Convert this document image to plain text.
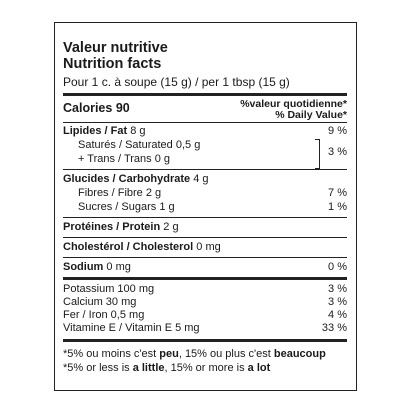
Valeur nutritive
Nutrition facts
Pour 1 c. à soupe (15 g) / per 1 tbsp (15 g)
Calories 90	%valeur quotidienne*
% Daily Value*
Lipides / Fat 8 g	9 %
Saturés / Saturated 0,5 g
+ Trans / Trans 0 g
3 %
Glucides / Carbohydrate 4 g
Fibres / Fibre 2 g	7 %
Sucres / Sugars 1 g	1 %
Protéines / Protein 2 g
Cholestérol / Cholesterol 0 mg
Sodium 0 mg	0 %
Potassium 100 mg	3 %
Calcium 30 mg	3 %
Fer / Iron 0,5 mg	4 %
Vitamine E / Vitamin E 5 mg	33 %
*5% ou moins c'est peu, 15% ou plus c'est beaucoup
*5% or less is a little, 15% or more is a lot
